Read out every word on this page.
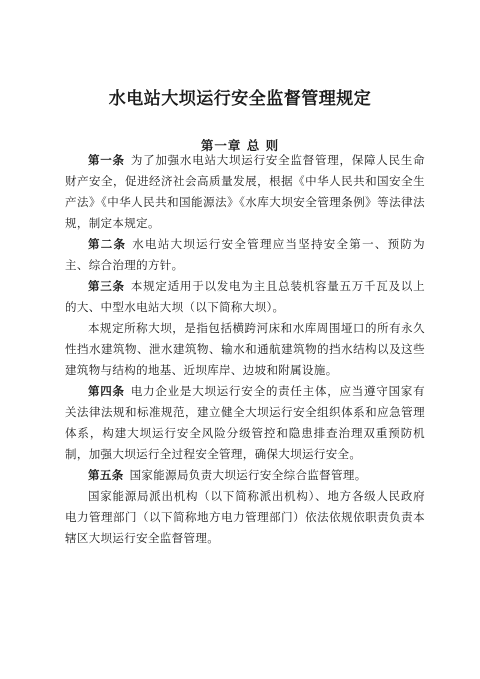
水电站大坝运行安全监督管理规定
第一章 总 则

第一条 为了加强水电站大坝运行安全监督管理，保障人民生命财产安全，促进经济社会高质量发展，根据《中华人民共和国安全生产法》《中华人民共和国能源法》《水库大坝安全管理条例》等法律法规，制定本规定。

第二条 水电站大坝运行安全管理应当坚持安全第一、预防为主、综合治理的方针。

第三条 本规定适用于以发电为主且总装机容量五万千瓦及以上的大、中型水电站大坝（以下简称大坝）。

本规定所称大坝，是指包括横跨河床和水库周围垭口的所有永久性挡水建筑物、泄水建筑物、输水和通航建筑物的挡水结构以及这些建筑物与结构的地基、近坝库岸、边坡和附属设施。

第四条 电力企业是大坝运行安全的责任主体，应当遵守国家有关法律法规和标准规范，建立健全大坝运行安全组织体系和应急管理体系，构建大坝运行安全风险分级管控和隐患排查治理双重预防机制，加强大坝运行全过程安全管理，确保大坝运行安全。

第五条 国家能源局负责大坝运行安全综合监督管理。

国家能源局派出机构（以下简称派出机构）、地方各级人民政府电力管理部门（以下简称地方电力管理部门）依法依规依职责负责本辖区大坝运行安全监督管理。
